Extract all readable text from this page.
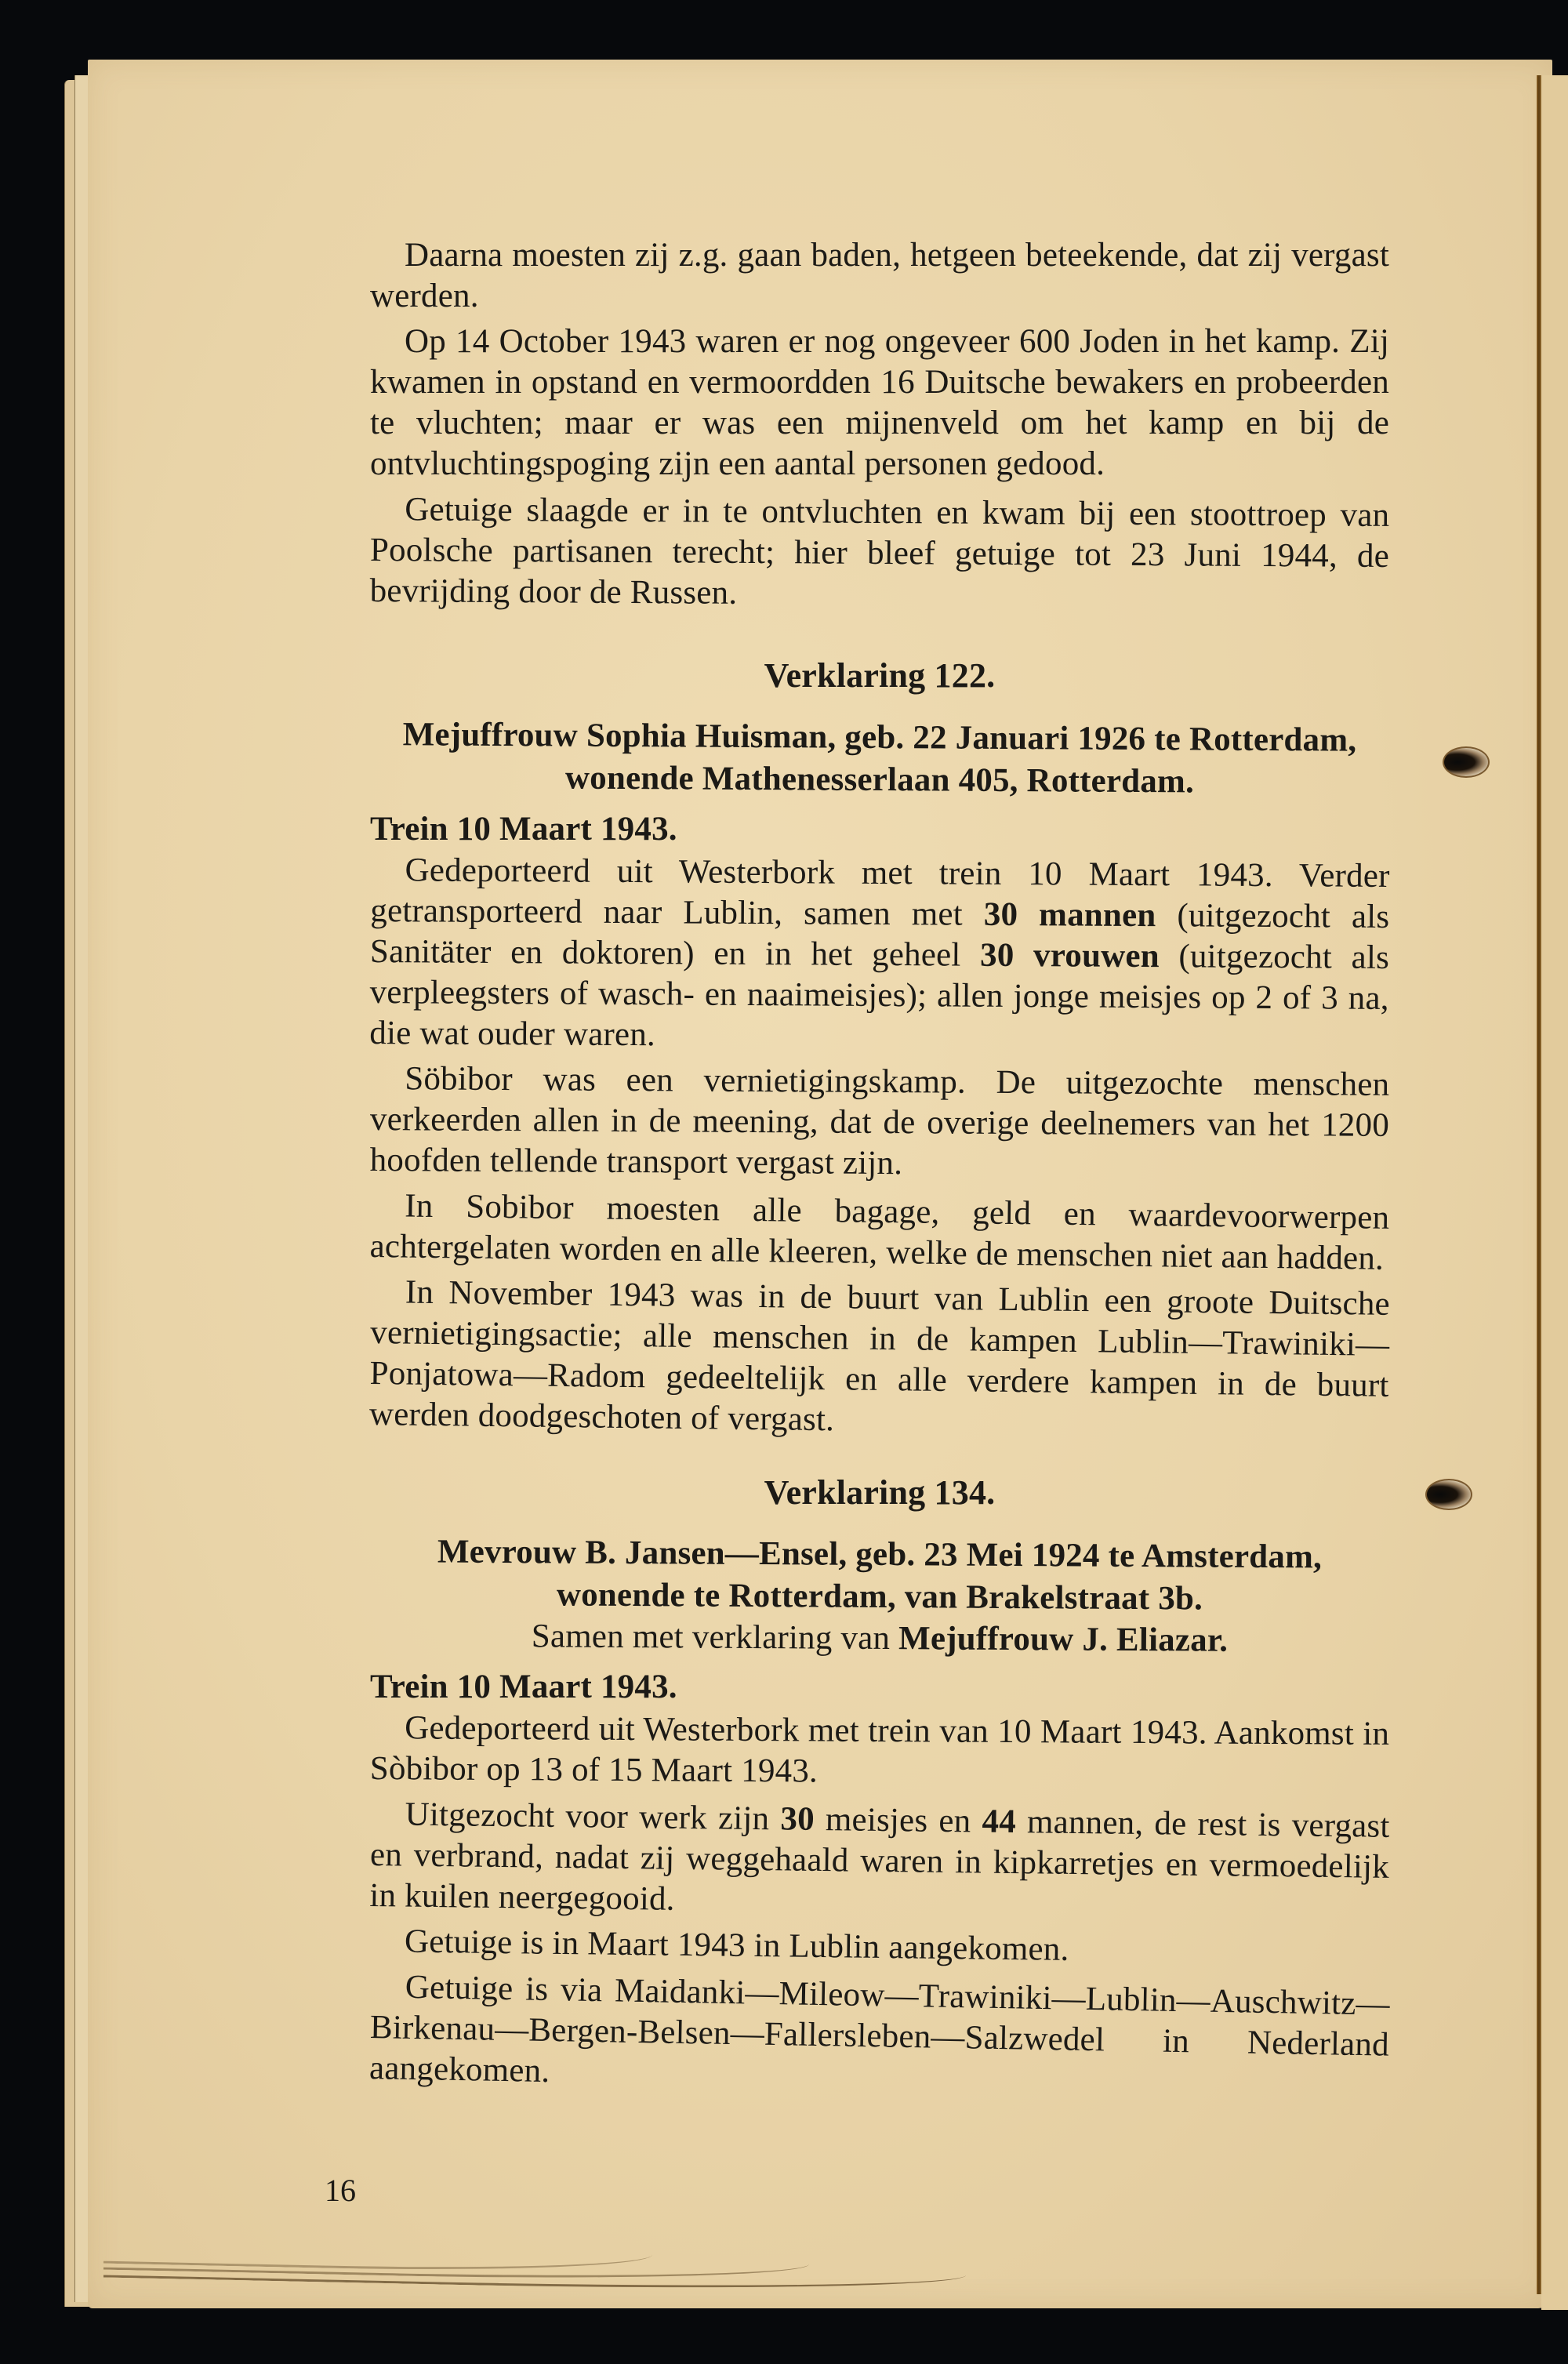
Daarna moesten zij z.g. gaan baden, hetgeen beteekende, dat zij vergast werden.

Op 14 October 1943 waren er nog ongeveer 600 Joden in het kamp. Zij kwamen in opstand en vermoordden 16 Duitsche bewakers en probeerden te vluchten; maar er was een mijnenveld om het kamp en bij de ontvluchtingspoging zijn een aantal personen gedood.

Getuige slaagde er in te ontvluchten en kwam bij een stoottroep van Poolsche partisanen terecht; hier bleef getuige tot 23 Juni 1944, de bevrijding door de Russen.

Verklaring 122.

Mejuffrouw Sophia Huisman, geb. 22 Januari 1926 te Rotterdam,

wonende Mathenesserlaan 405, Rotterdam.

Trein 10 Maart 1943.

Gedeporteerd uit Westerbork met trein 10 Maart 1943. Verder getransporteerd naar Lublin, samen met 30 mannen (uitgezocht als Sanitäter en doktoren) en in het geheel 30 vrouwen (uitgezocht als verpleegsters of wasch- en naaimeisjes); allen jonge meisjes op 2 of 3 na, die wat ouder waren.

Söbibor was een vernietigingskamp. De uitgezochte menschen verkeerden allen in de meening, dat de overige deelnemers van het 1200 hoofden tellende transport vergast zijn.

In Sobibor moesten alle bagage, geld en waardevoorwerpen achtergelaten worden en alle kleeren, welke de menschen niet aan hadden.

In November 1943 was in de buurt van Lublin een groote Duitsche vernietigingsactie; alle menschen in de kampen Lublin—Trawiniki—Ponjatowa—Radom gedeeltelijk en alle verdere kampen in de buurt werden doodgeschoten of vergast.

Verklaring 134.

Mevrouw B. Jansen—Ensel, geb. 23 Mei 1924 te Amsterdam,

wonende te Rotterdam, van Brakelstraat 3b.

Samen met verklaring van Mejuffrouw J. Eliazar.

Trein 10 Maart 1943.

Gedeporteerd uit Westerbork met trein van 10 Maart 1943. Aankomst in Sòbibor op 13 of 15 Maart 1943.

Uitgezocht voor werk zijn 30 meisjes en 44 mannen, de rest is vergast en verbrand, nadat zij weggehaald waren in kipkarretjes en vermoedelijk in kuilen neergegooid.

Getuige is in Maart 1943 in Lublin aangekomen.

Getuige is via Maidanki—Mileow—Trawiniki—Lublin—Auschwitz—Birkenau—Bergen-Belsen—Fallersleben—Salzwedel in Nederland aangekomen.

16
